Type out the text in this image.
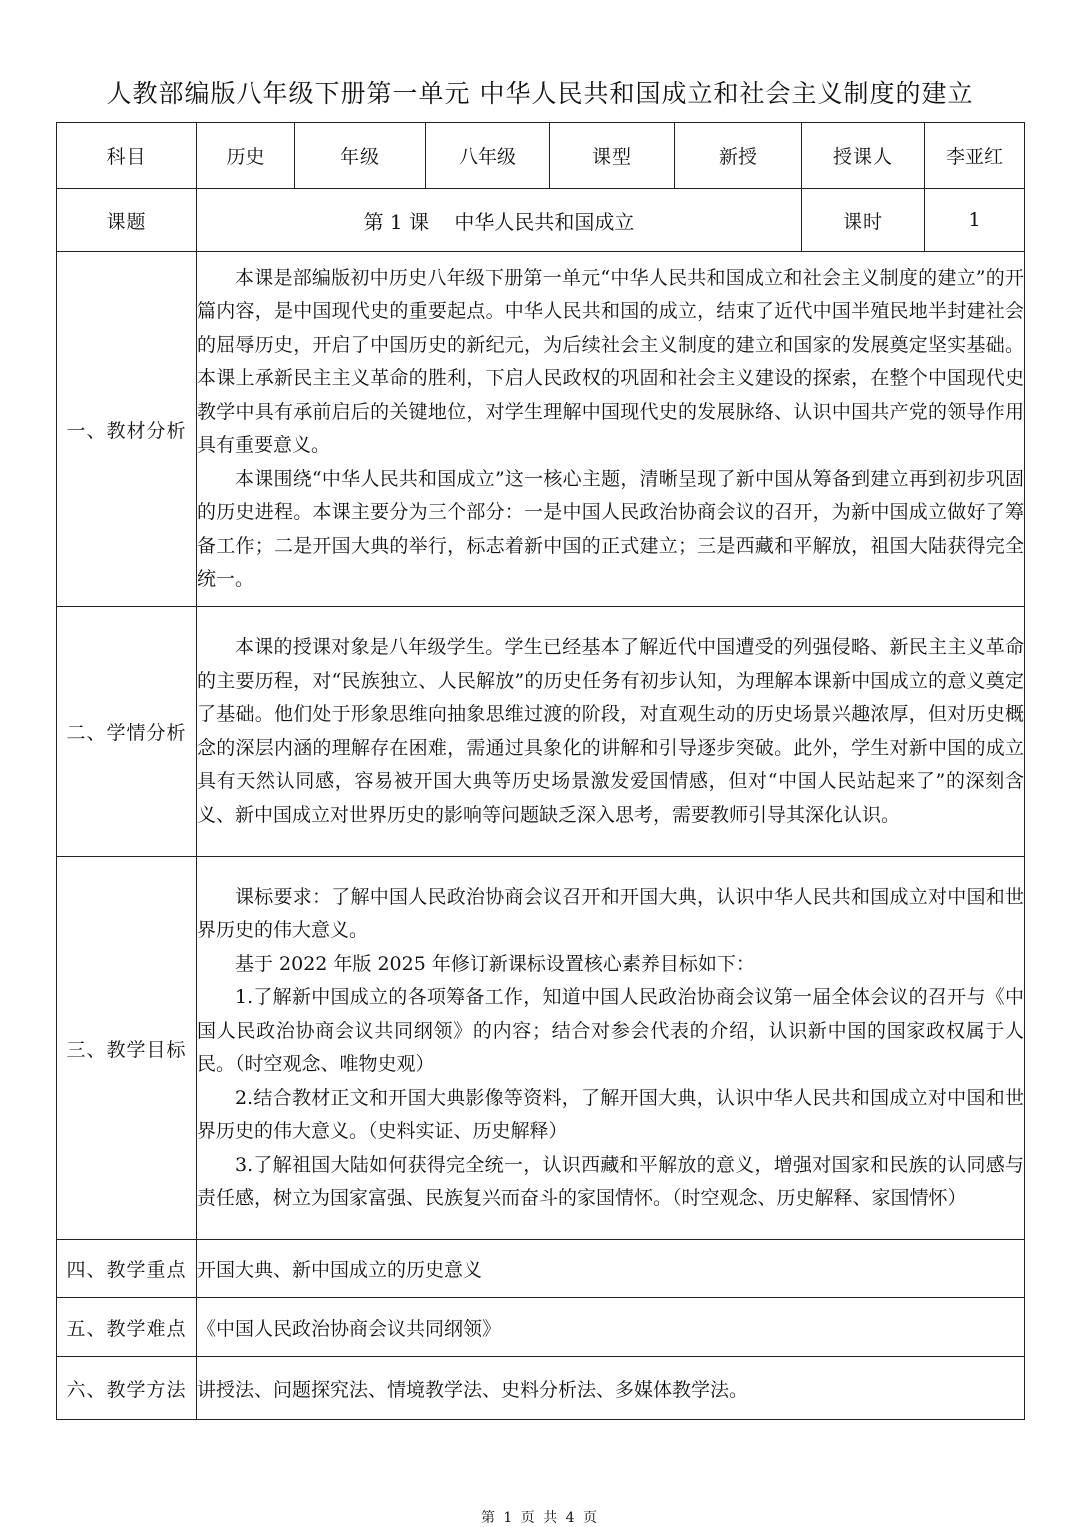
人教部编版八年级下册第一单元 中华人民共和国成立和社会主义制度的建立
科目	历史	年级	八年级	课型	新授	授课人	李亚红
课题	第 1 课    中华人民共和国成立					课时	1
一、教材分析	本课是部编版初中历史八年级下册第一单元“中华人民共和国成立和社会主义制度的建立”的开篇内容，是中国现代史的重要起点。中华人民共和国的成立，结束了近代中国半殖民地半封建社会的屈辱历史，开启了中国历史的新纪元，为后续社会主义制度的建立和国家的发展奠定坚实基础。本课上承新民主主义革命的胜利，下启人民政权的巩固和社会主义建设的探索，在整个中国现代史教学中具有承前启后的关键地位，对学生理解中国现代史的发展脉络、认识中国共产党的领导作用具有重要意义。

本课围绕“中华人民共和国成立”这一核心主题，清晰呈现了新中国从筹备到建立再到初步巩固的历史进程。本课主要分为三个部分：一是中国人民政治协商会议的召开，为新中国成立做好了筹备工作；二是开国大典的举行，标志着新中国的正式建立；三是西藏和平解放，祖国大陆获得完全统一。						

二、学情分析	本课的授课对象是八年级学生。学生已经基本了解近代中国遭受的列强侵略、新民主主义革命的主要历程，对“民族独立、人民解放”的历史任务有初步认知，为理解本课新中国成立的意义奠定了基础。他们处于形象思维向抽象思维过渡的阶段，对直观生动的历史场景兴趣浓厚，但对历史概念的深层内涵的理解存在困难，需通过具象化的讲解和引导逐步突破。此外，学生对新中国的成立具有天然认同感，容易被开国大典等历史场景激发爱国情感，但对“中国人民站起来了”的深刻含义、新中国成立对世界历史的影响等问题缺乏深入思考，需要教师引导其深化认识。						

三、教学目标	课标要求：了解中国人民政治协商会议召开和开国大典，认识中华人民共和国成立对中国和世界历史的伟大意义。

基于 2022 年版 2025 年修订新课标设置核心素养目标如下：

1.了解新中国成立的各项筹备工作，知道中国人民政治协商会议第一届全体会议的召开与《中国人民政治协商会议共同纲领》的内容；结合对参会代表的介绍，认识新中国的国家政权属于人民。（时空观念、唯物史观）

2.结合教材正文和开国大典影像等资料，了解开国大典，认识中华人民共和国成立对中国和世界历史的伟大意义。（史料实证、历史解释）

3.了解祖国大陆如何获得完全统一，认识西藏和平解放的意义，增强对国家和民族的认同感与责任感，树立为国家富强、民族复兴而奋斗的家国情怀。（时空观念、历史解释、家国情怀）						

四、教学重点	开国大典、新中国成立的历史意义						
五、教学难点	《中国人民政治协商会议共同纲领》						
六、教学方法	讲授法、问题探究法、情境教学法、史料分析法、多媒体教学法。						
第 1 页 共 4 页
